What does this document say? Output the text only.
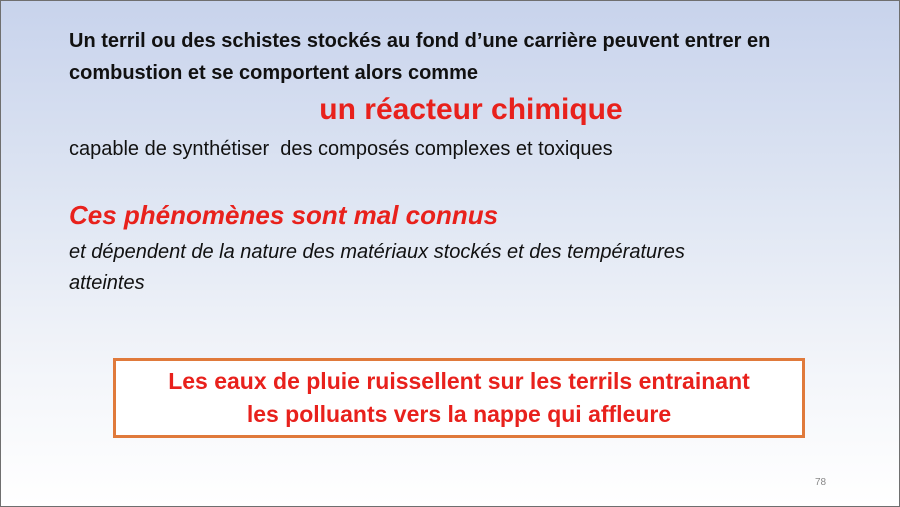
Un terril ou des schistes stockés au fond d’une carrière peuvent entrer en
combustion et se comportent alors comme

un réacteur chimique

capable de synthétiser  des composés complexes et toxiques

Ces phénomènes sont mal connus

et dépendent de la nature des matériaux stockés et des températures
atteintes

Les eaux de pluie ruissellent sur les terrils entrainant
les polluants vers la nappe qui affleure
78
